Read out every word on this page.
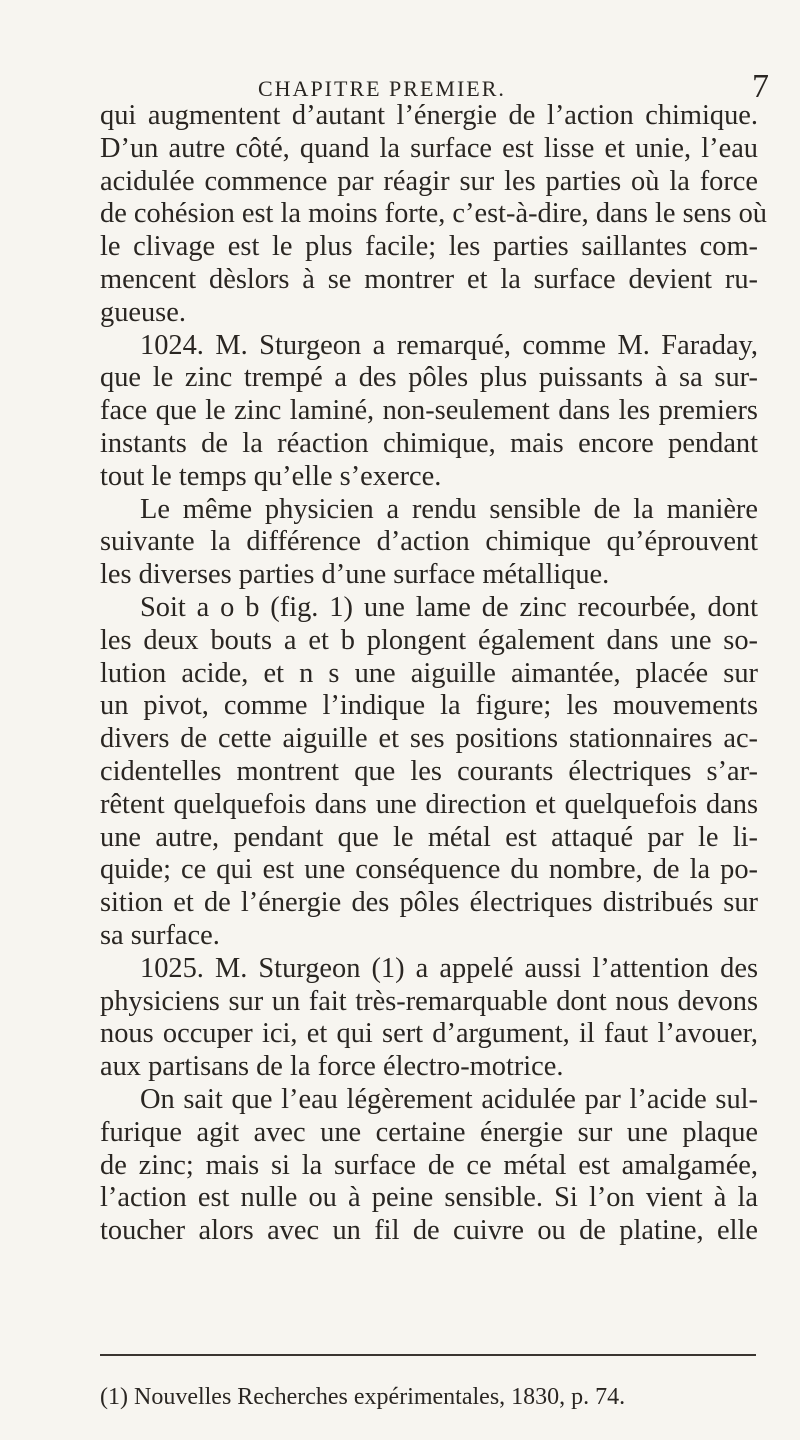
CHAPITRE PREMIER.	7
qui augmentent d’autant l’énergie de l’action chimique.
D’un autre côté, quand la surface est lisse et unie, l’eau
acidulée commence par réagir sur les parties où la force
de cohésion est la moins forte, c’est-à-dire, dans le sens où
le clivage est le plus facile; les parties saillantes com-
mencent dèslors à se montrer et la surface devient ru-
gueuse.
1024. M. Sturgeon a remarqué, comme M. Faraday,
que le zinc trempé a des pôles plus puissants à sa sur-
face que le zinc laminé, non-seulement dans les premiers
instants de la réaction chimique, mais encore pendant
tout le temps qu’elle s’exerce.
Le même physicien a rendu sensible de la manière
suivante la différence d’action chimique qu’éprouvent
les diverses parties d’une surface métallique.
Soit a o b (fig. 1) une lame de zinc recourbée, dont
les deux bouts a et b plongent également dans une so-
lution acide, et n s une aiguille aimantée, placée sur
un pivot, comme l’indique la figure; les mouvements
divers de cette aiguille et ses positions stationnaires ac-
cidentelles montrent que les courants électriques s’ar-
rêtent quelquefois dans une direction et quelquefois dans
une autre, pendant que le métal est attaqué par le li-
quide; ce qui est une conséquence du nombre, de la po-
sition et de l’énergie des pôles électriques distribués sur
sa surface.
1025. M. Sturgeon (1) a appelé aussi l’attention des
physiciens sur un fait très-remarquable dont nous devons
nous occuper ici, et qui sert d’argument, il faut l’avouer,
aux partisans de la force électro-motrice.
On sait que l’eau légèrement acidulée par l’acide sul-
furique agit avec une certaine énergie sur une plaque
de zinc; mais si la surface de ce métal est amalgamée,
l’action est nulle ou à peine sensible. Si l’on vient à la
toucher alors avec un fil de cuivre ou de platine, elle
(1) Nouvelles Recherches expérimentales, 1830, p. 74.
